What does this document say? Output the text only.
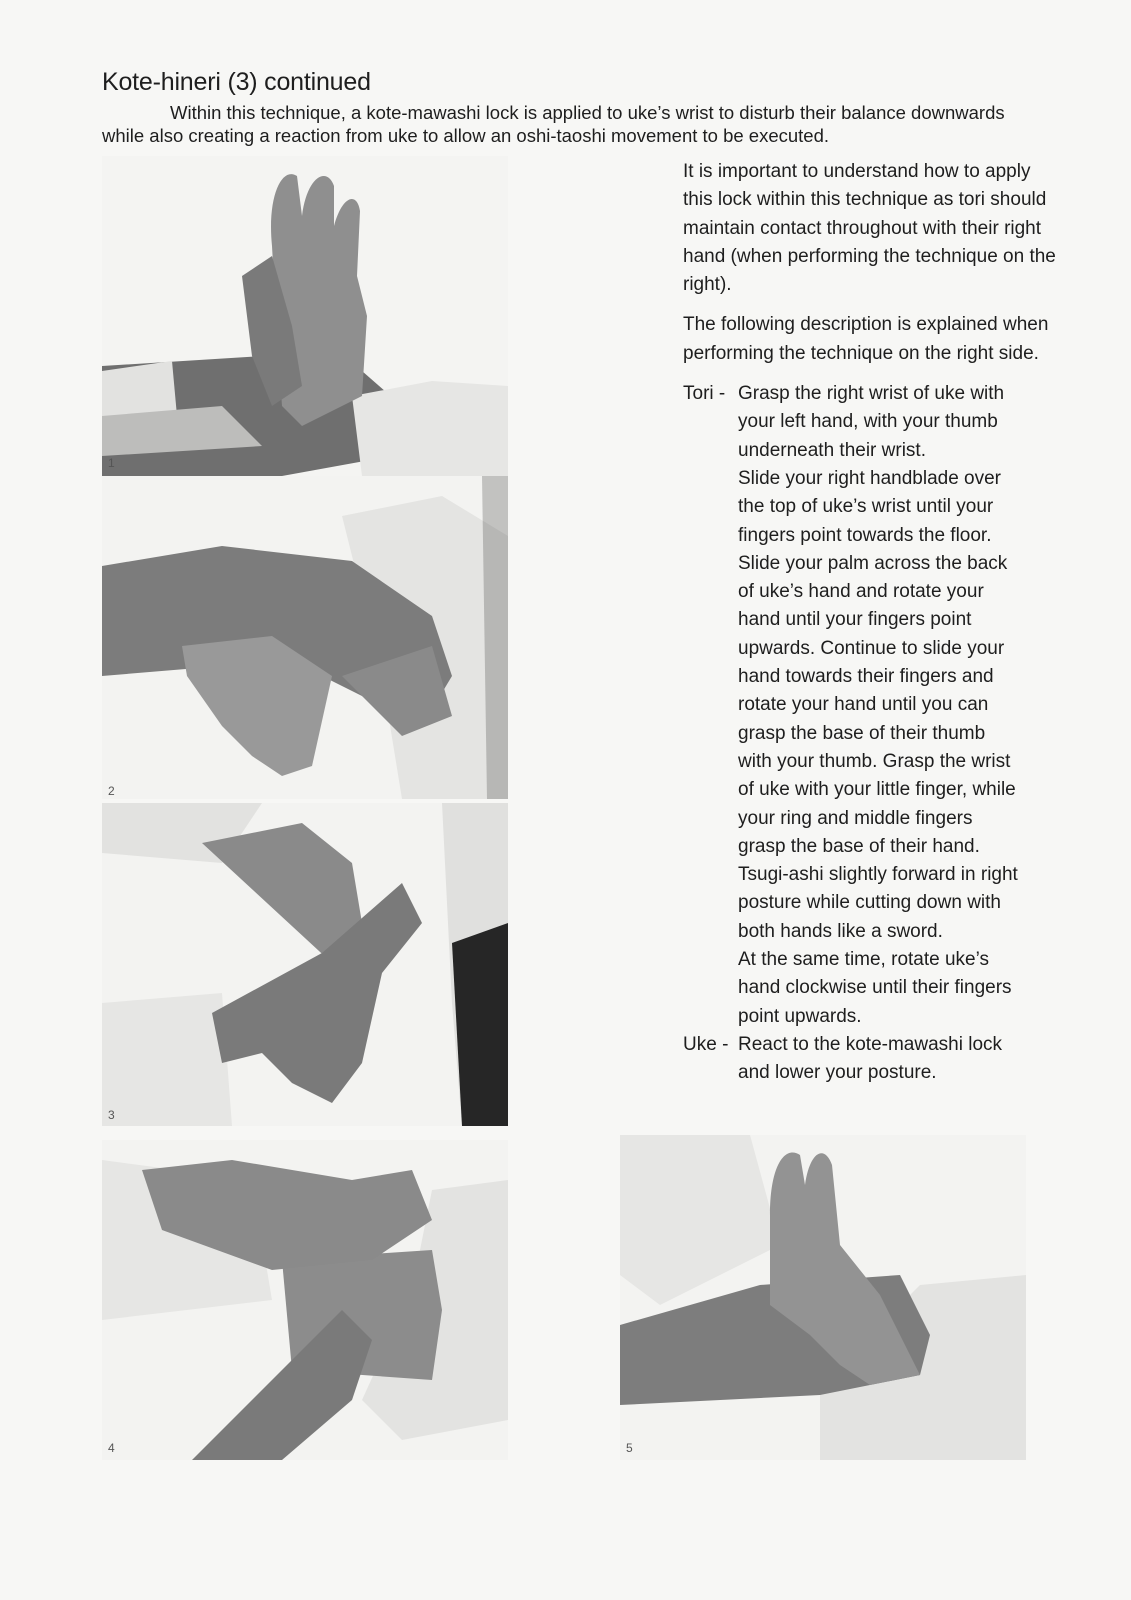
Kote-hineri (3) continued

Within this technique, a kote-mawashi lock is applied to uke’s wrist to disturb their balance downwards while also creating a reaction from uke to allow an oshi-taoshi movement to be executed.

1
2
3
4	5

It is important to understand how to apply this lock within this technique as tori should maintain contact throughout with their right hand (when performing the technique on the right).

The following description is explained when performing the technique on the right side.

Tori - Grasp the right wrist of uke with
your left hand, with your thumb
underneath their wrist.
Slide your right handblade over
the top of uke’s wrist until your
fingers point towards the floor.
Slide your palm across the back
of uke’s hand and rotate your
hand until your fingers point
upwards. Continue to slide your
hand towards their fingers and
rotate your hand until you can
grasp the base of their thumb
with your thumb. Grasp the wrist
of uke with your little finger, while
your ring and middle fingers
grasp the base of their hand.
Tsugi-ashi slightly forward in right
posture while cutting down with
both hands like a sword.
At the same time, rotate uke’s
hand clockwise until their fingers
point upwards.
Uke - React to the kote-mawashi lock
and lower your posture.
